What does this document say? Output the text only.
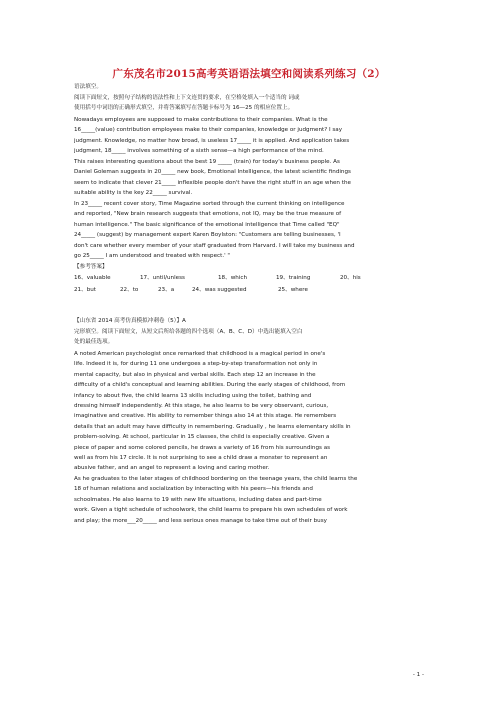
广东茂名市2015高考英语语法填空和阅读系列练习（2）
语法填空。
阅读下面短文，按照句子结构的语法性和上下文连贯的要求，在空格处填入一个适当的 词或
使用括号中词语的正确形式填空，并将答案填写在答题卡标号为 16—25 的相应位置上。
Nowadays employees are supposed to make contributions to their companies. What is the
16_____(value) contribution employees make to their companies, knowledge or judgment? I say
judgment. Knowledge, no matter how broad, is useless 17_____ it is applied. And application takes
judgment, 18_____ involves something of a sixth sense—a high performance of the mind.
This raises interesting questions about the best 19 _____ (train) for today's business people. As
Daniel Goleman suggests in 20_____ new book, Emotional Intelligence, the latest scientific findings
seem to indicate that clever 21_____ inflexible people don't have the right stuff in an age when the
suitable ability is the key 22_____ survival.
In 23_____ recent cover story, Time Magazine sorted through the current thinking on intelligence
and reported, "New brain research suggests that emotions, not IQ, may be the true measure of
human intelligence." The basic significance of the emotional intelligence that Time called "EQ"
24_____ (suggest) by management expert Karen Boylston: "Customers are telling businesses, 'I
don't care whether every member of your staff graduated from Harvard. I will take my business and
go 25_____ I am understood and treated with respect.' "
【参考答案】
16、valuable	17、until/unless	18、which	19、training	20、his
21、but	22、to	23、a	24、was suggested	25、where
【山东省 2014 高考仿真模拟冲刺卷（5）】A
完形填空。阅读下面短文，从短文后所给各题的四个选项（A、B、C、D）中选出能填入空白
处的最佳选项。
A noted American psychologist once remarked that childhood is a magical period in one's
life. Indeed it is, for during 11 one undergoes a step-by-step transformation not only in
mental capacity, but also in physical and verbal skills. Each step 12 an increase in the
difficulty of a child's conceptual and learning abilities. During the early stages of childhood, from
infancy to about five, the child learns 13 skills including using the toilet, bathing and
dressing himself independently. At this stage, he also learns to be very observant, curious,
imaginative and creative. His ability to remember things also 14 at this stage. He remembers
details that an adult may have difficulty in remembering. Gradually , he learns elementary skills in
problem-solving. At school, particular in 15 classes, the child is especially creative. Given a
piece of paper and some colored pencils, he draws a variety of 16 from his surroundings as
well as from his 17 circle. It is not surprising to see a child draw a monster to represent an
abusive father, and an angel to represent a loving and caring mother.
As he graduates to the later stages of childhood bordering on the teenage years, the child learns the
18 of human relations and socialization by interacting with his peers—his friends and
schoolmates. He also learns to 19 with new life situations, including dates and part-time
work. Given a tight schedule of schoolwork, the child learns to prepare his own schedules of work
and play; the more___20_____ and less serious ones manage to take time out of their busy
- 1 -
